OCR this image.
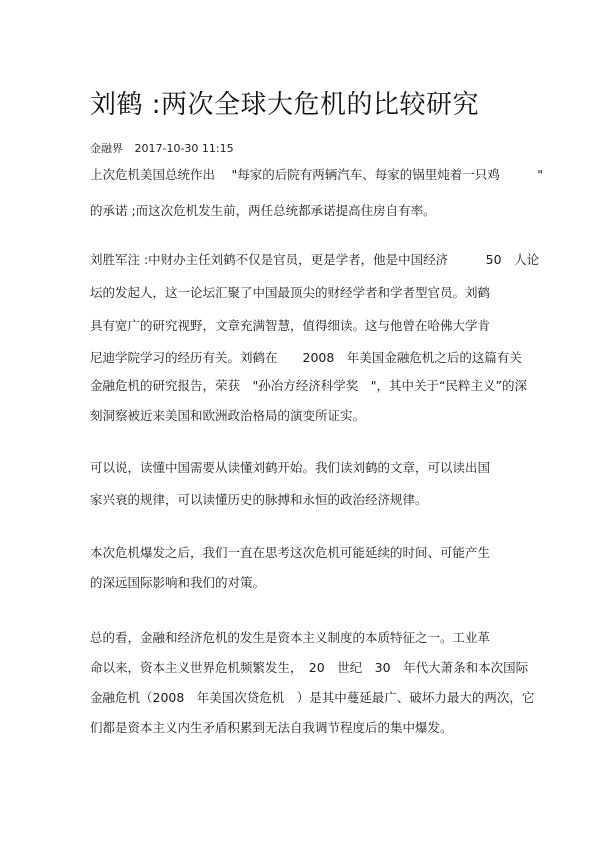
刘鹤 :两次全球大危机的比较研究
金融界 2017-10-30 11:15
上次危机美国总统作出　 "每家的后院有两辆汽车、每家的锅里炖着一只鸡　　　"
的承诺 ;而这次危机发生前，两任总统都承诺提高住房自有率。
刘胜军注 :中财办主任刘鹤不仅是官员，更是学者，他是中国经济　　　50　人论
坛的发起人，这一论坛汇聚了中国最顶尖的财经学者和学者型官员。刘鹤
具有宽广的研究视野，文章充满智慧，值得细读。这与他曾在哈佛大学肯
尼迪学院学习的经历有关。刘鹤在　　2008　年美国金融危机之后的这篇有关
金融危机的研究报告，荣获　"孙冶方经济科学奖　"，其中关于“民粹主义”的深
刻洞察被近来美国和欧洲政治格局的演变所证实。
可以说，读懂中国需要从读懂刘鹤开始。我们读刘鹤的文章，可以读出国
家兴衰的规律，可以读懂历史的脉搏和永恒的政治经济规律。
本次危机爆发之后，我们一直在思考这次危机可能延续的时间、可能产生
的深远国际影响和我们的对策。
总的看，金融和经济危机的发生是资本主义制度的本质特征之一。工业革
命以来，资本主义世界危机频繁发生，　20　世纪　30　年代大萧条和本次国际
金融危机（2008　年美国次贷危机　）是其中蔓延最广、破坏力最大的两次，它
们都是资本主义内生矛盾积累到无法自我调节程度后的集中爆发。
